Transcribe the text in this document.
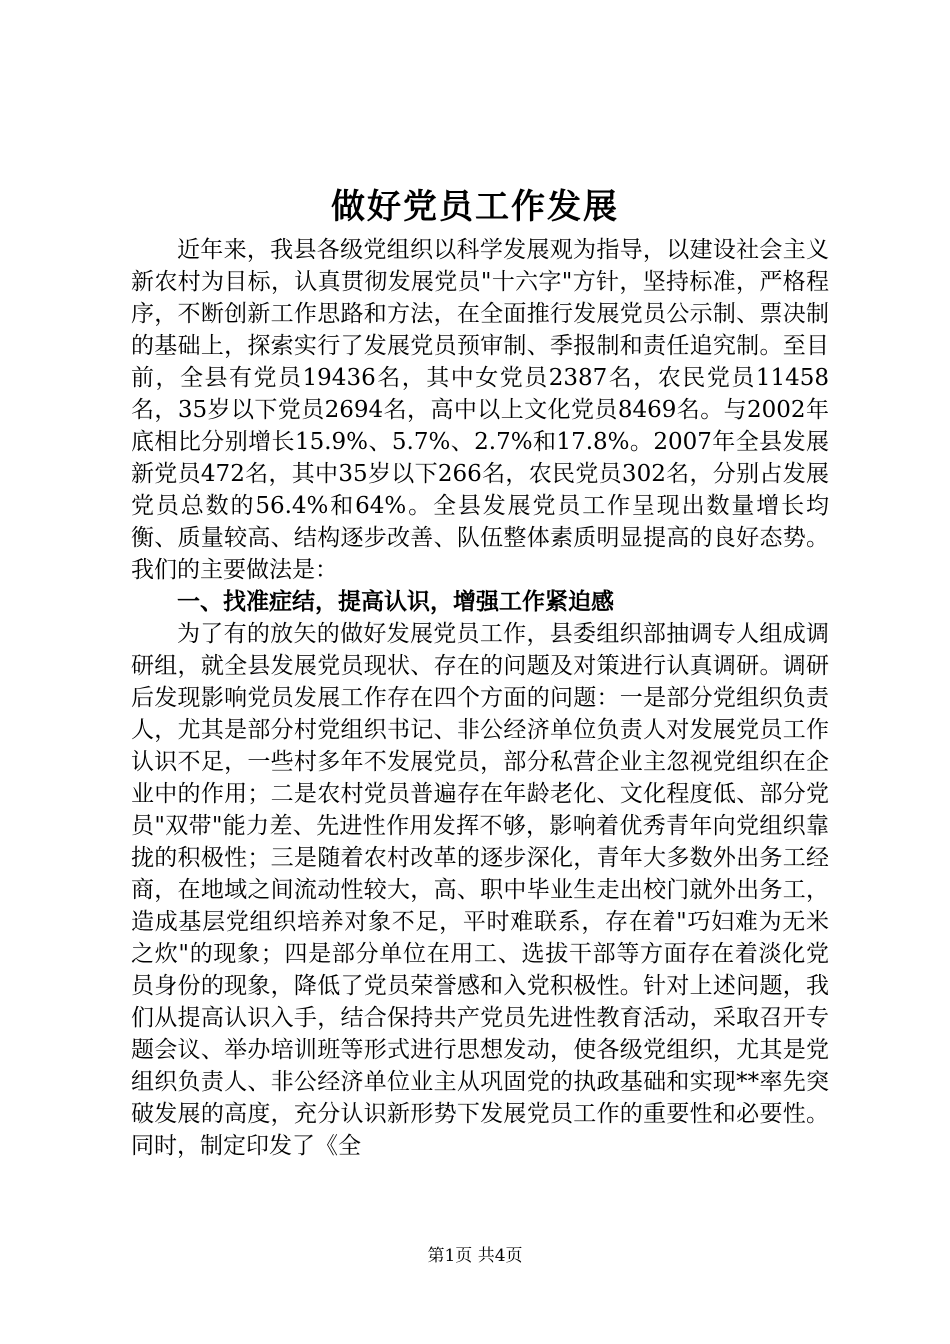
做好党员工作发展

近年来，我县各级党组织以科学发展观为指导，以建设社会主义新农村为目标，认真贯彻发展党员"十六字"方针，坚持标准，严格程序，不断创新工作思路和方法，在全面推行发展党员公示制、票决制的基础上，探索实行了发展党员预审制、季报制和责任追究制。至目前，全县有党员19436名，其中女党员2387名，农民党员11458名，35岁以下党员2694名，高中以上文化党员8469名。与2002年底相比分别增长15.9%、5.7%、2.7%和17.8%。2007年全县发展新党员472名，其中35岁以下266名，农民党员302名，分别占发展党员总数的56.4%和64%。全县发展党员工作呈现出数量增长均衡、质量较高、结构逐步改善、队伍整体素质明显提高的良好态势。我们的主要做法是：

一、找准症结，提高认识，增强工作紧迫感

为了有的放矢的做好发展党员工作，县委组织部抽调专人组成调研组，就全县发展党员现状、存在的问题及对策进行认真调研。调研后发现影响党员发展工作存在四个方面的问题：一是部分党组织负责人，尤其是部分村党组织书记、非公经济单位负责人对发展党员工作认识不足，一些村多年不发展党员，部分私营企业主忽视党组织在企业中的作用；二是农村党员普遍存在年龄老化、文化程度低、部分党员"双带"能力差、先进性作用发挥不够，影响着优秀青年向党组织靠拢的积极性；三是随着农村改革的逐步深化，青年大多数外出务工经商，在地域之间流动性较大，高、职中毕业生走出校门就外出务工，造成基层党组织培养对象不足，平时难联系，存在着"巧妇难为无米之炊"的现象；四是部分单位在用工、选拔干部等方面存在着淡化党员身份的现象，降低了党员荣誉感和入党积极性。针对上述问题，我们从提高认识入手，结合保持共产党员先进性教育活动，采取召开专题会议、举办培训班等形式进行思想发动，使各级党组织，尤其是党组织负责人、非公经济单位业主从巩固党的执政基础和实现**率先突破发展的高度，充分认识新形势下发展党员工作的重要性和必要性。同时，制定印发了《全

第1页 共4页
